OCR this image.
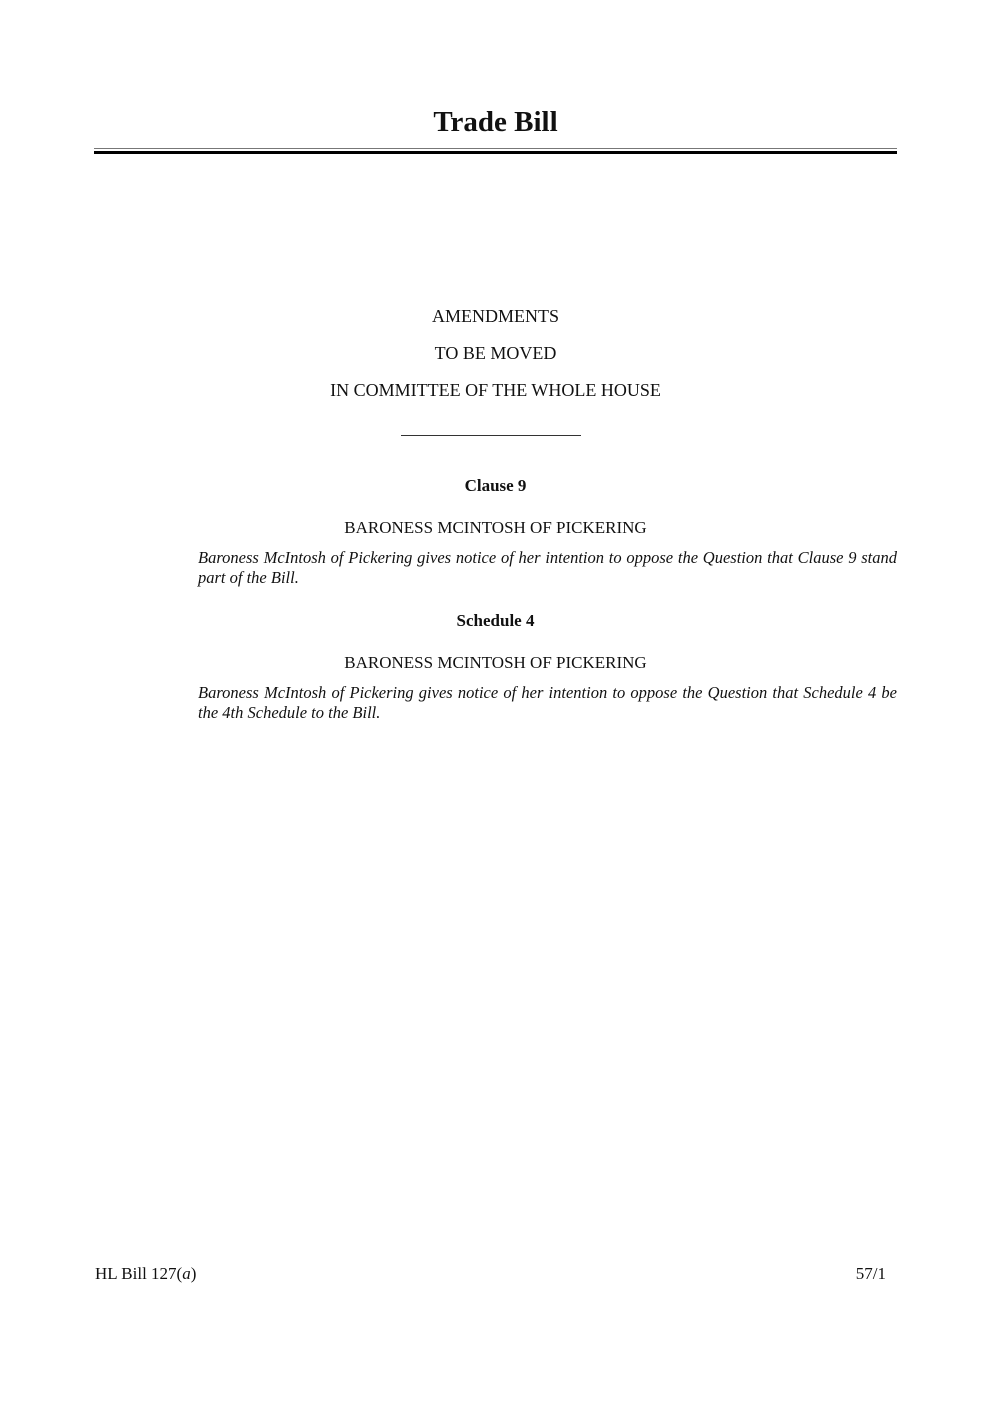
Trade Bill
AMENDMENTS
TO BE MOVED
IN COMMITTEE OF THE WHOLE HOUSE
Clause 9
BARONESS MCINTOSH OF PICKERING
Baroness McIntosh of Pickering gives notice of her intention to oppose the Question that Clause 9 stand part of the Bill.
Schedule 4
BARONESS MCINTOSH OF PICKERING
Baroness McIntosh of Pickering gives notice of her intention to oppose the Question that Schedule 4 be the 4th Schedule to the Bill.
HL Bill 127(a)	57/1
